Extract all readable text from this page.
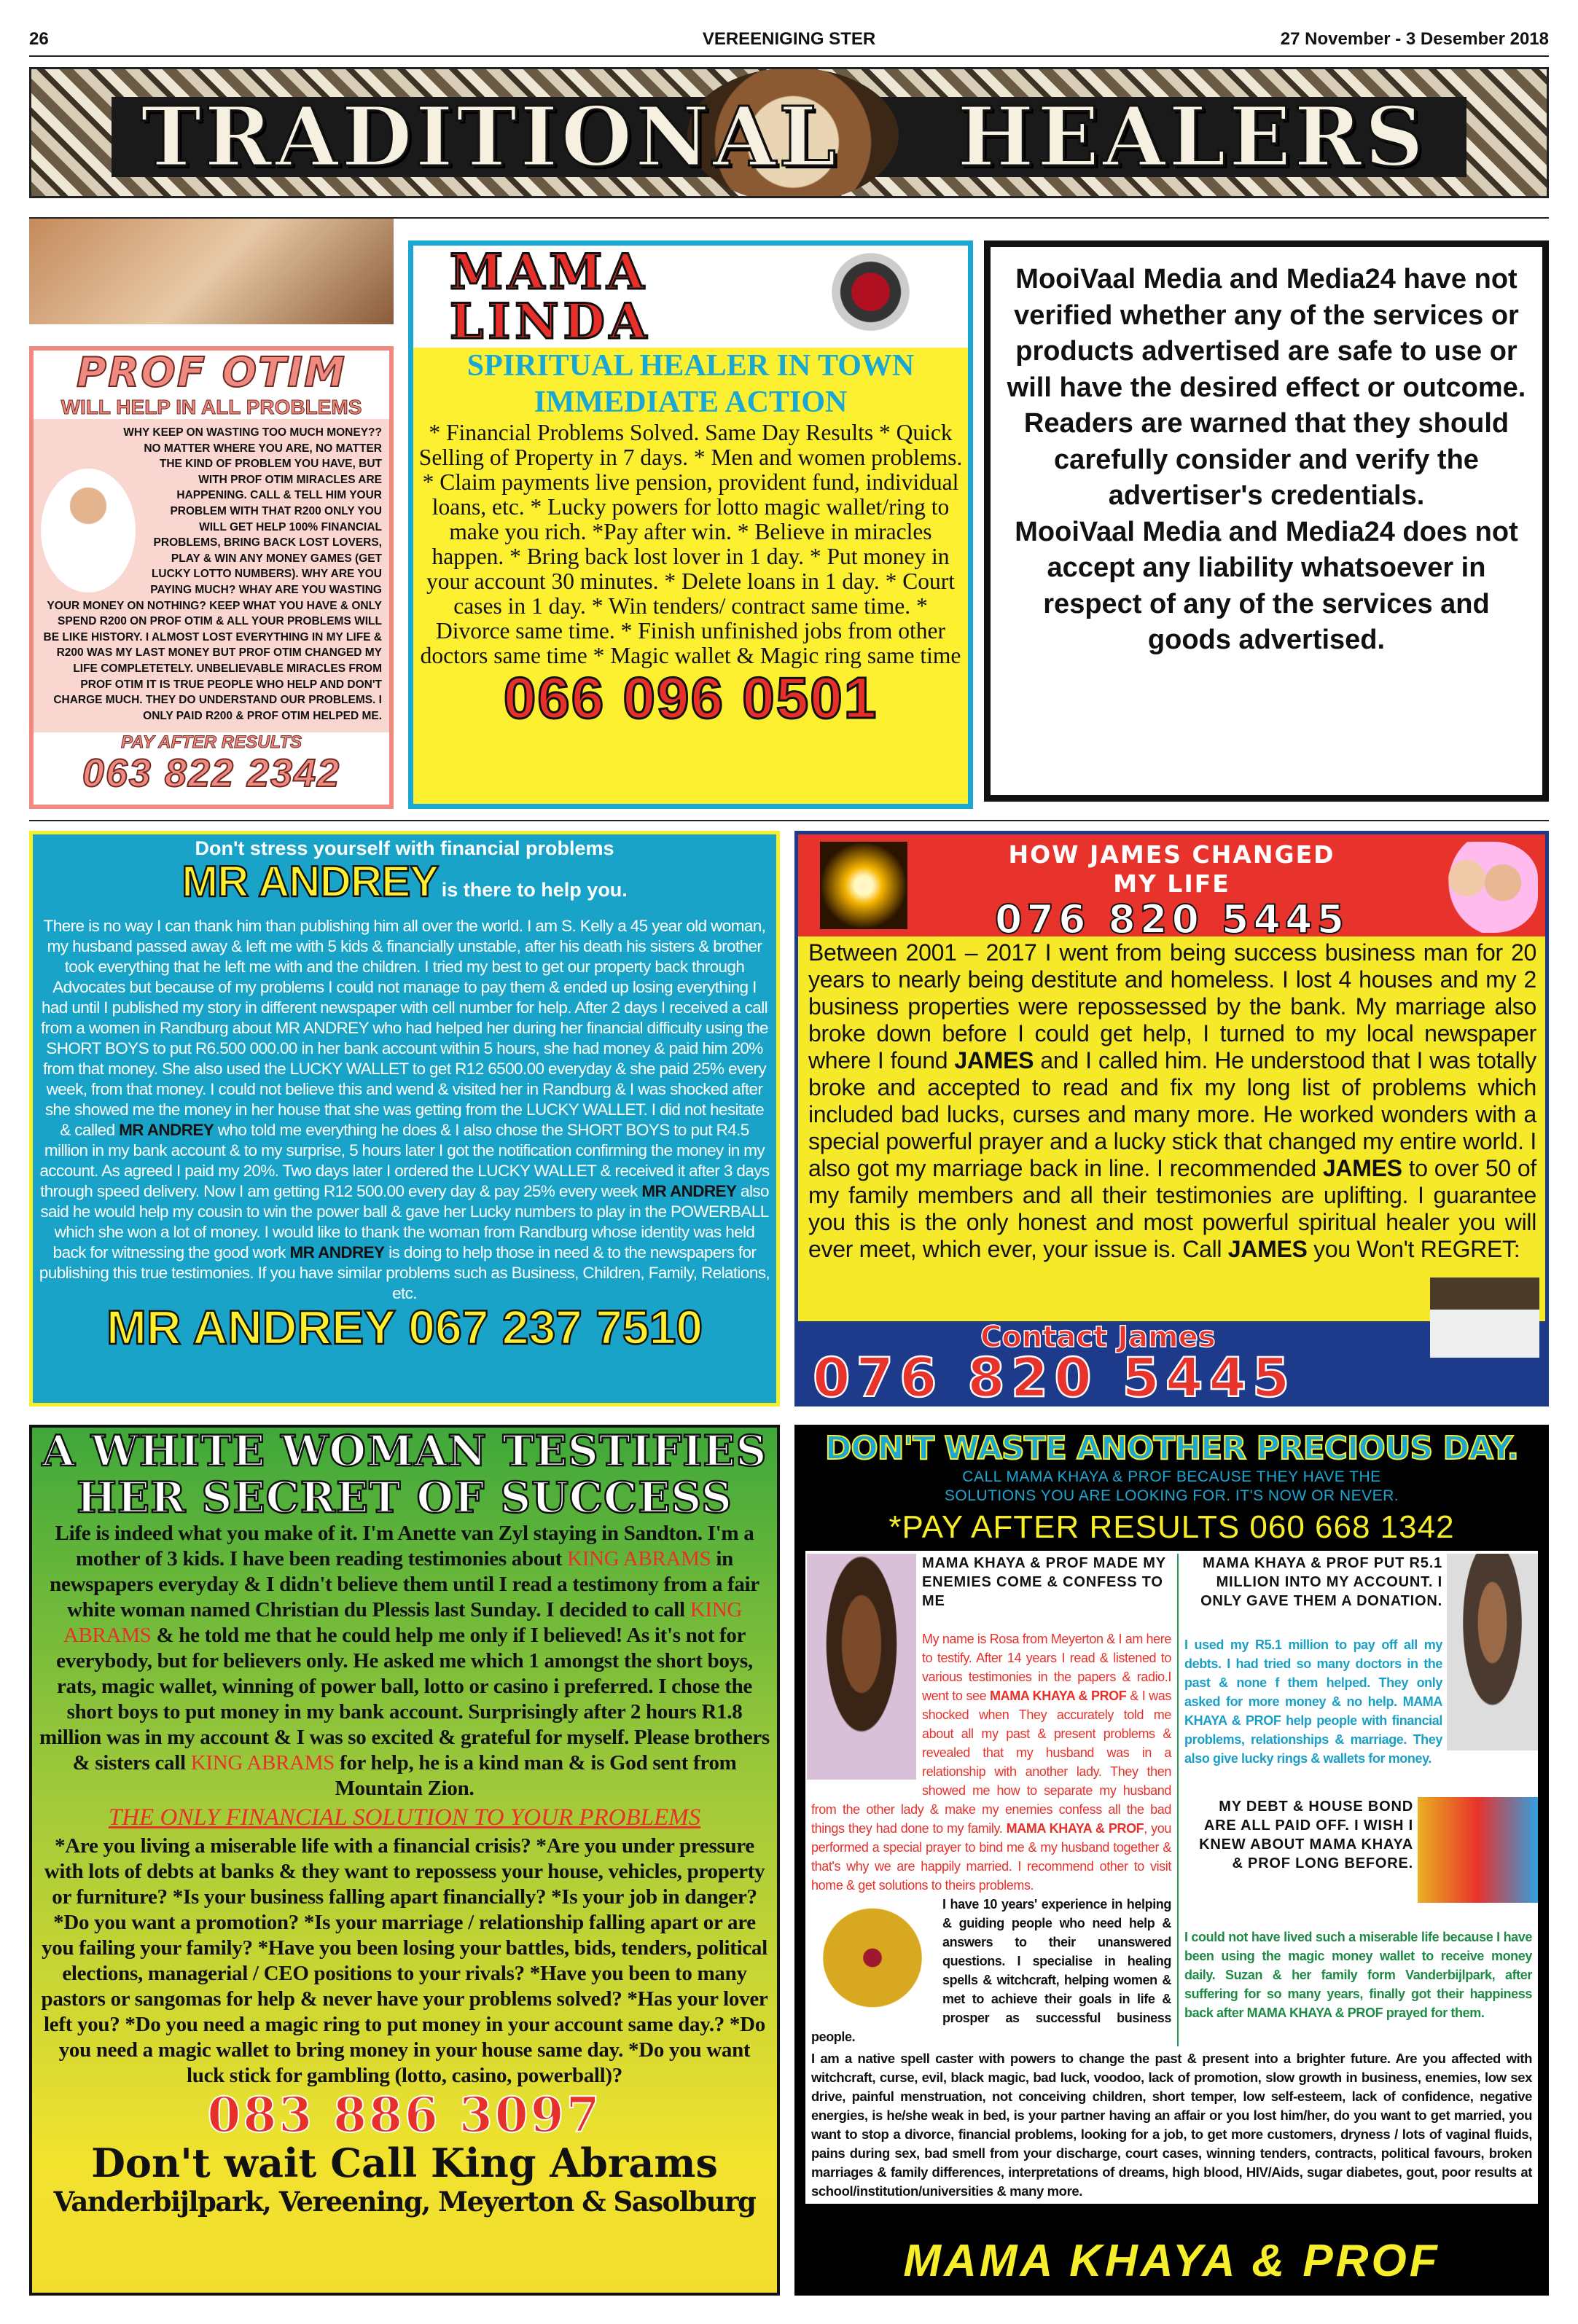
26	VEREENIGING STER	27 November - 3 Desember 2018
TRADITIONAL HEALERS
PROF OTIM
WILL HELP IN ALL PROBLEMS
WHY KEEP ON WASTING TOO MUCH MONEY?? NO MATTER WHERE YOU ARE, NO MATTER THE KIND OF PROBLEM YOU HAVE, BUT WITH PROF OTIM MIRACLES ARE HAPPENING. CALL & TELL HIM YOUR PROBLEM WITH THAT R200 ONLY YOU WILL GET HELP 100% FINANCIAL PROBLEMS, BRING BACK LOST LOVERS, PLAY & WIN ANY MONEY GAMES (GET LUCKY LOTTO NUMBERS). WHY ARE YOU PAYING MUCH? WHAY ARE YOU WASTING YOUR MONEY ON NOTHING? KEEP WHAT YOU HAVE & ONLY SPEND R200 ON PROF OTIM & ALL YOUR PROBLEMS WILL BE LIKE HISTORY. I ALMOST LOST EVERYTHING IN MY LIFE & R200 WAS MY LAST MONEY BUT PROF OTIM CHANGED MY LIFE COMPLETETELY. UNBELIEVABLE MIRACLES FROM PROF OTIM IT IS TRUE PEOPLE WHO HELP AND DON'T CHARGE MUCH. THEY DO UNDERSTAND OUR PROBLEMS. I ONLY PAID R200 & PROF OTIM HELPED ME.
PAY AFTER RESULTS
063 822 2342
MAMA
LINDA
SPIRITUAL HEALER IN TOWN
IMMEDIATE ACTION
* Financial Problems Solved. Same Day Results * Quick Selling of Property in 7 days. * Men and women problems. * Claim payments live pension, provident fund, individual loans, etc. * Lucky powers for lotto magic wallet/ring to make you rich. *Pay after win. * Believe in miracles happen. * Bring back lost lover in 1 day. * Put money in your account 30 minutes. * Delete loans in 1 day. * Court cases in 1 day. * Win tenders/ contract same time. * Divorce same time. * Finish unfinished jobs from other doctors same time * Magic wallet & Magic ring same time
066 096 0501
MooiVaal Media and Media24 have not verified whether any of the services or products advertised are safe to use or will have the desired effect or outcome.
Readers are warned that they should carefully consider and verify the advertiser's credentials.
MooiVaal Media and Media24 does not accept any liability whatsoever in respect of any of the services and goods advertised.
Don't stress yourself with financial problems
MR ANDREY is there to help you.
There is no way I can thank him than publishing him all over the world. I am S. Kelly a 45 year old woman, my husband passed away & left me with 5 kids & financially unstable, after his death his sisters & brother took everything that he left me with and the children. I tried my best to get our property back through Advocates but because of my problems I could not manage to pay them & ended up losing everything I had until I published my story in different newspaper with cell number for help. After 2 days I received a call from a women in Randburg about MR ANDREY who had helped her during her financial difficulty using the SHORT BOYS to put R6.500 000.00 in her bank account within 5 hours, she had money & paid him 20% from that money. She also used the LUCKY WALLET to get R12 6500.00 everyday & she paid 25% every week, from that money. I could not believe this and wend & visited her in Randburg & I was shocked after she showed me the money in her house that she was getting from the LUCKY WALLET. I did not hesitate & called MR ANDREY who told me everything he does & I also chose the SHORT BOYS to put R4.5 million in my bank account & to my surprise, 5 hours later I got the notification confirming the money in my account. As agreed I paid my 20%. Two days later I ordered the LUCKY WALLET & received it after 3 days through speed delivery. Now I am getting R12 500.00 every day & pay 25% every week MR ANDREY also said he would help my cousin to win the power ball & gave her Lucky numbers to play in the POWERBALL which she won a lot of money. I would like to thank the woman from Randburg whose identity was held back for witnessing the good work MR ANDREY is doing to help those in need & to the newspapers for publishing this true testimonies. If you have similar problems such as Business, Children, Family, Relations, etc.
MR ANDREY 067 237 7510
HOW JAMES CHANGED
MY LIFE
076 820 5445
Between 2001 – 2017 I went from being success business man for 20 years to nearly being destitute and homeless. I lost 4 houses and my 2 business properties were repossessed by the bank. My marriage also broke down before I could get help, I turned to my local newspaper where I found JAMES and I called him. He understood that I was totally broke and accepted to read and fix my long list of problems which included bad lucks, curses and many more. He worked wonders with a special powerful prayer and a lucky stick that changed my entire world. I also got my marriage back in line. I recommended JAMES to over 50 of my family members and all their testimonies are uplifting. I guarantee you this is the only honest and most powerful spiritual healer you will ever meet, which ever, your issue is. Call JAMES you Won't REGRET:
Contact James
076 820 5445
A WHITE WOMAN TESTIFIES
HER SECRET OF SUCCESS
Life is indeed what you make of it. I'm Anette van Zyl staying in Sandton. I'm a mother of 3 kids. I have been reading testimonies about KING ABRAMS in newspapers everyday & I didn't believe them until I read a testimony from a fair white woman named Christian du Plessis last Sunday. I decided to call KING ABRAMS & he told me that he could help me only if I believed! As it's not for everybody, but for believers only. He asked me which 1 amongst the short boys, rats, magic wallet, winning of power ball, lotto or casino i preferred. I chose the short boys to put money in my bank account. Surprisingly after 2 hours R1.8 million was in my account & I was so excited & grateful for myself. Please brothers & sisters call KING ABRAMS for help, he is a kind man & is God sent from Mountain Zion.
THE ONLY FINANCIAL SOLUTION TO YOUR PROBLEMS
*Are you living a miserable life with a financial crisis? *Are you under pressure with lots of debts at banks & they want to repossess your house, vehicles, property or furniture? *Is your business falling apart financially? *Is your job in danger? *Do you want a promotion? *Is your marriage / relationship falling apart or are you failing your family? *Have you been losing your battles, bids, tenders, political elections, managerial / CEO positions to your rivals? *Have you been to many pastors or sangomas for help & never have your problems solved? *Has your lover left you? *Do you need a magic ring to put money in your account same day.? *Do you need a magic wallet to bring money in your house same day. *Do you want luck stick for gambling (lotto, casino, powerball)?
083 886 3097
Don't wait Call King Abrams
Vanderbijlpark, Vereening, Meyerton & Sasolburg
DON'T WASTE ANOTHER PRECIOUS DAY.
CALL MAMA KHAYA & PROF BECAUSE THEY HAVE THE
SOLUTIONS YOU ARE LOOKING FOR. IT'S NOW OR NEVER.
*PAY AFTER RESULTS 060 668 1342
MAMA KHAYA & PROF MADE MY ENEMIES COME & CONFESS TO ME
My name is Rosa from Meyerton & I am here to testify. After 14 years I read & listened to various testimonies in the papers & radio.I went to see MAMA KHAYA & PROF & I was shocked when They accurately told me about all my past & present problems & revealed that my husband was in a relationship with another lady. They then showed me how to separate my husband from the other lady & make my enemies confess all the bad things they had done to my family. MAMA KHAYA & PROF, you performed a special prayer to bind me & my husband together & that's why we are happily married. I recommend other to visit home & get solutions to theirs problems.
I have 10 years' experience in helping & guiding people who need help & answers to their unanswered questions. I specialise in healing spells & witchcraft, helping women & met to achieve their goals in life & prosper as successful business people.
MAMA KHAYA & PROF PUT R5.1 MILLION INTO MY ACCOUNT. I ONLY GAVE THEM A DONATION.
I used my R5.1 million to pay off all my debts. I had tried so many doctors in the past & none f them helped. They only asked for more money & no help. MAMA KHAYA & PROF help people with financial problems, relationships & marriage. They also give lucky rings & wallets for money.
MY DEBT & HOUSE BOND ARE ALL PAID OFF. I WISH I KNEW ABOUT MAMA KHAYA & PROF LONG BEFORE.
I could not have lived such a miserable life because I have been using the magic money wallet to receive money daily. Suzan & her family form Vanderbijlpark, after suffering for so many years, finally got their happiness back after MAMA KHAYA & PROF prayed for them.
I am a native spell caster with powers to change the past & present into a brighter future. Are you affected with witchcraft, curse, evil, black magic, bad luck, voodoo, lack of promotion, slow growth in business, enemies, low sex drive, painful menstruation, not conceiving children, short temper, low self-esteem, lack of confidence, negative energies, is he/she weak in bed, is your partner having an affair or you lost him/her, do you want to get married, you want to stop a divorce, financial problems, looking for a job, to get more customers, dryness / lots of vaginal fluids, pains during sex, bad smell from your discharge, court cases, winning tenders, contracts, political favours, broken marriages & family differences, interpretations of dreams, high blood, HIV/Aids, sugar diabetes, gout, poor results at school/institution/universities & many more.
MAMA KHAYA & PROF
